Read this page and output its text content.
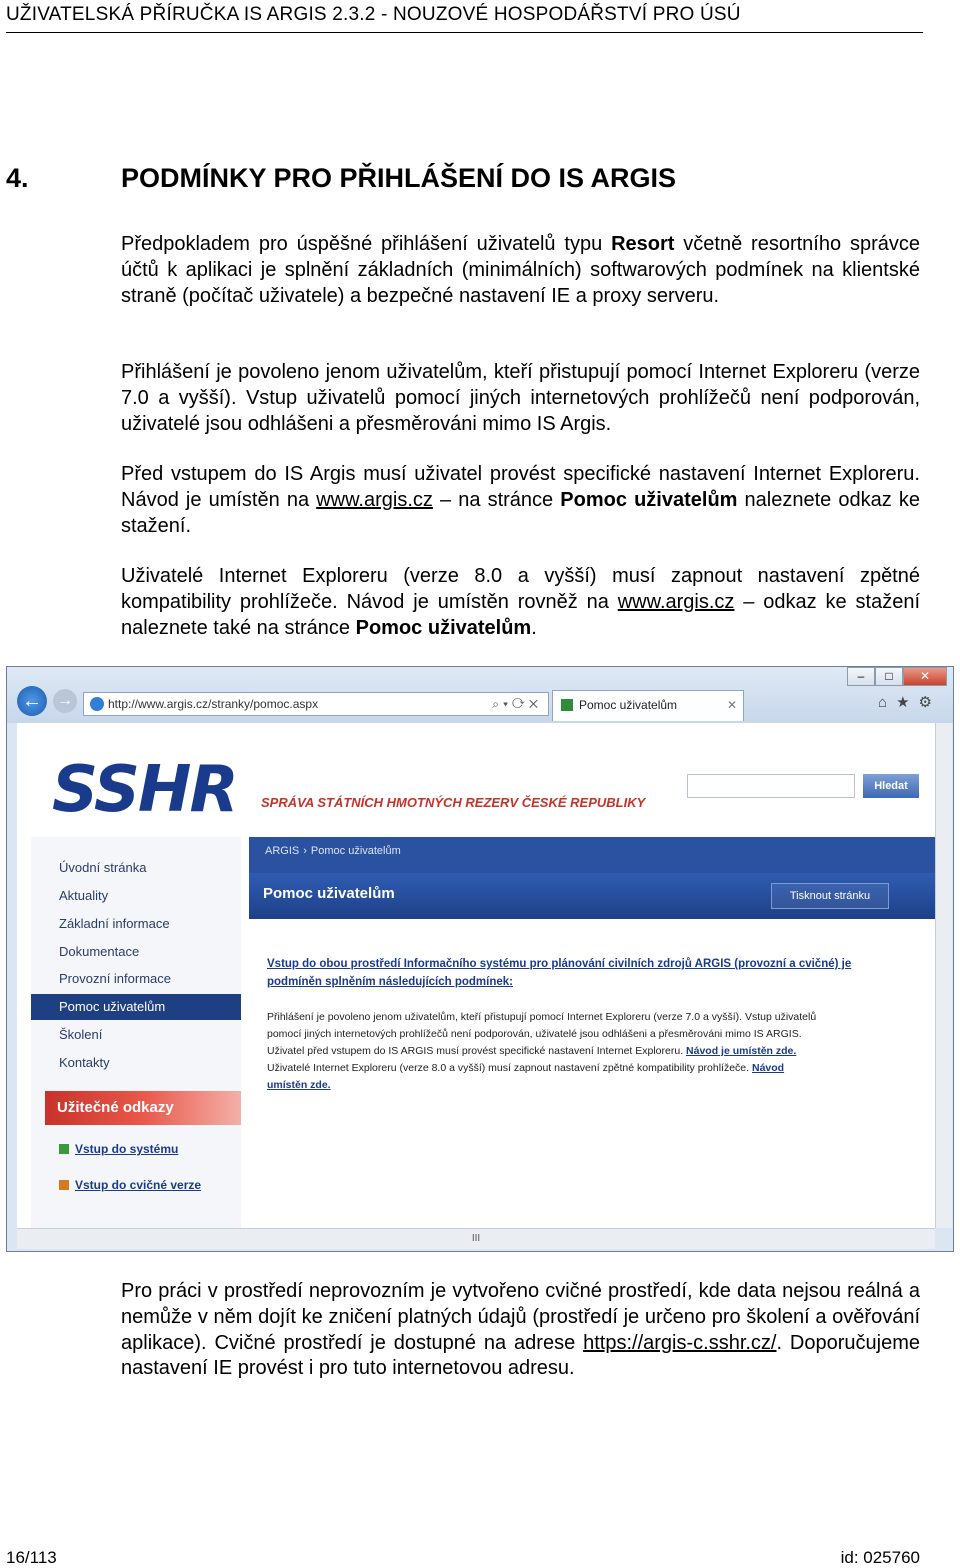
UŽIVATELSKÁ PŘÍRUČKA IS ARGIS 2.3.2 - NOUZOVÉ HOSPODÁŘSTVÍ PRO ÚSÚ
4.	PODMÍNKY PRO PŘIHLÁŠENÍ DO IS ARGIS
Předpokladem pro úspěšné přihlášení uživatelů typu Resort včetně resortního správce účtů k aplikaci je splnění základních (minimálních) softwarových podmínek na klientské straně (počítač uživatele) a bezpečné nastavení IE a proxy serveru.
Přihlášení je povoleno jenom uživatelům, kteří přistupují pomocí Internet Exploreru (verze 7.0 a vyšší). Vstup uživatelů pomocí jiných internetových prohlížečů není podporován, uživatelé jsou odhlášeni a přesměrováni mimo IS Argis.
Před vstupem do IS Argis musí uživatel provést specifické nastavení Internet Exploreru. Návod je umístěn na www.argis.cz – na stránce Pomoc uživatelům naleznete odkaz ke stažení.
Uživatelé Internet Exploreru (verze 8.0 a vyšší) musí zapnout nastavení zpětné kompatibility prohlížeče. Návod je umístěn rovněž na www.argis.cz – odkaz ke stažení naleznete také na stránce Pomoc uživatelům.
–	□	✕
← →	http://www.argis.cz/stranky/pomoc.aspx	⌕▾⟳✕	Pomoc uživatelům	✕	⌂★⚙
SSHR SPRÁVA STÁTNÍCH HMOTNÝCH REZERV ČESKÉ REPUBLIKY
Hledat
Úvodní stránka
Aktuality
Základní informace
Dokumentace
Provozní informace
Pomoc uživatelům
Školení
Kontakty
Užitečné odkazy
Vstup do systému
Vstup do cvičné verze
ARGIS › Pomoc uživatelům
Pomoc uživatelům	Tisknout stránku
Vstup do obou prostředí Informačního systému pro plánování civilních zdrojů ARGIS (provozní a cvičné) je podmíněn splněním následujících podmínek:
Přihlášení je povoleno jenom uživatelům, kteří přistupují pomocí Internet Exploreru (verze 7.0 a vyšší). Vstup uživatelů
pomocí jiných internetových prohlížečů není podporován, uživatelé jsou odhlášeni a přesměrováni mimo IS ARGIS.
Uživatel před vstupem do IS ARGIS musí provést specifické nastavení Internet Exploreru. Návod je umístěn zde.
Uživatelé Internet Exploreru (verze 8.0 a vyšší) musí zapnout nastavení zpětné kompatibility prohlížeče. Návod
umístěn zde.
III
Pro práci v prostředí neprovozním je vytvořeno cvičné prostředí, kde data nejsou reálná a nemůže v něm dojít ke zničení platných údajů (prostředí je určeno pro školení a ověřování aplikace). Cvičné prostředí je dostupné na adrese https://argis-c.sshr.cz/. Doporučujeme nastavení IE provést i pro tuto internetovou adresu.
16/113	id: 025760
